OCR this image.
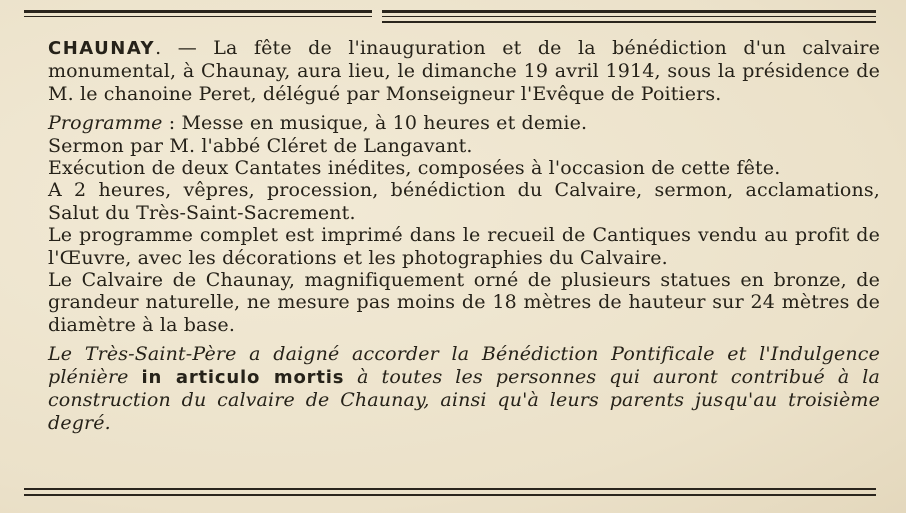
CHAUNAY. — La fête de l'inauguration et de la bénédiction d'un calvaire monumental, à Chaunay, aura lieu, le dimanche 19 avril 1914, sous la présidence de M. le chanoine Peret, délégué par Monseigneur l'Evêque de Poitiers.

Programme : Messe en musique, à 10 heures et demie.

Sermon par M. l'abbé Cléret de Langavant.

Exécution de deux Cantates inédites, composées à l'occasion de cette fête.

A 2 heures, vêpres, procession, bénédiction du Calvaire, sermon, acclamations, Salut du Très-Saint-Sacrement.

Le programme complet est imprimé dans le recueil de Cantiques vendu au profit de l'Œuvre, avec les décorations et les photographies du Calvaire.

Le Calvaire de Chaunay, magnifiquement orné de plusieurs statues en bronze, de grandeur naturelle, ne mesure pas moins de 18 mètres de hauteur sur 24 mètres de diamètre à la base.

Le Très-Saint-Père a daigné accorder la Bénédiction Pontificale et l'Indulgence plénière in articulo mortis à toutes les personnes qui auront contribué à la construction du calvaire de Chaunay, ainsi qu'à leurs parents jusqu'au troisième degré.
